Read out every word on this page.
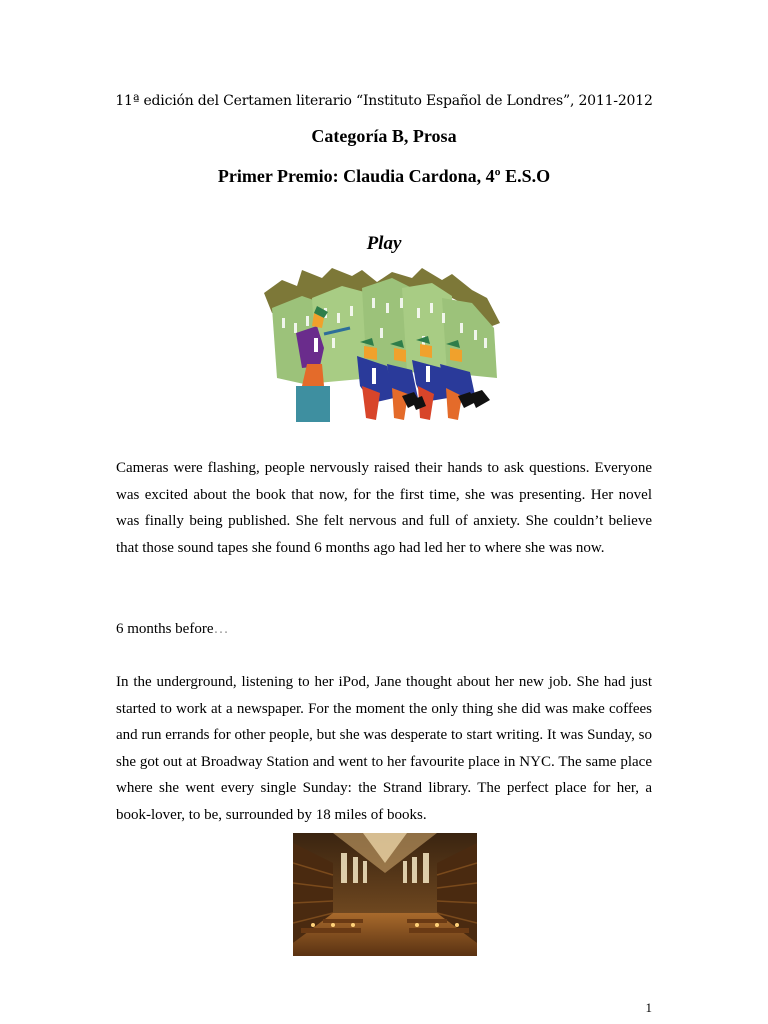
11ª edición del Certamen literario “Instituto Español de Londres”, 2011-2012
Categoría B, Prosa
Primer Premio: Claudia Cardona, 4º E.S.O
Play

Cameras were flashing, people nervously raised their hands to ask questions. Everyone was excited about the book that now, for the first time, she was presenting. Her novel was finally being published. She felt nervous and full of anxiety. She couldn’t believe that those sound tapes she found 6 months ago had led her to where she was now.

6 months before…

In the underground, listening to her iPod, Jane thought about her new job. She had just started to work at a newspaper. For the moment the only thing she did was make coffees and run errands for other people, but she was desperate to start writing. It was Sunday, so she got out at Broadway Station and went to her favourite place in NYC. The same place where she went every single Sunday: the Strand library. The perfect place for her, a book-lover, to be, surrounded by 18 miles of books.

1
